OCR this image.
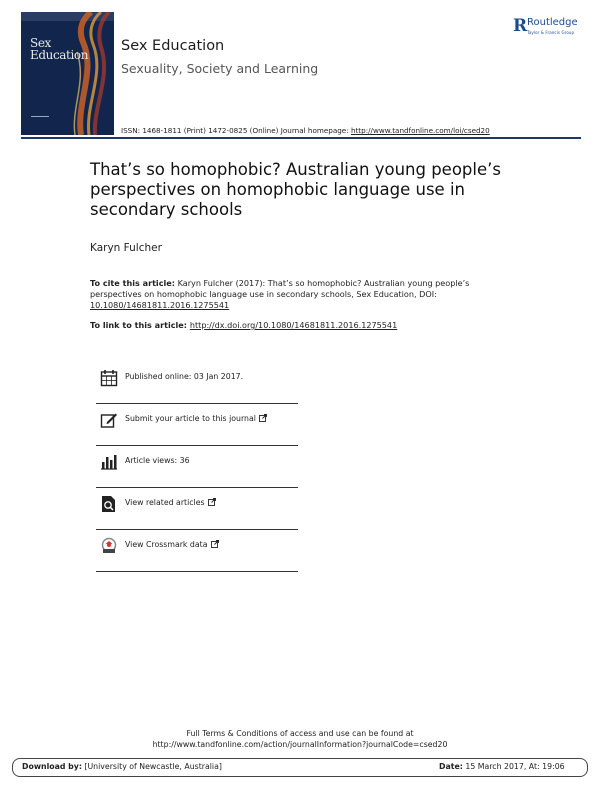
Sex
Education
Sex Education
Sexuality, Society and Learning
ISSN: 1468-1811 (Print) 1472-0825 (Online) Journal homepage: http://www.tandfonline.com/loi/csed20
R Routledge
Taylor & Francis Group
That’s so homophobic? Australian young people’s perspectives on homophobic language use in secondary schools
Karyn Fulcher
To cite this article: Karyn Fulcher (2017): That’s so homophobic? Australian young people’s perspectives on homophobic language use in secondary schools, Sex Education, DOI: 10.1080/14681811.2016.1275541
To link to this article: http://dx.doi.org/10.1080/14681811.2016.1275541
Published online: 03 Jan 2017.
Submit your article to this journal
Article views: 36
View related articles
View Crossmark data
Full Terms & Conditions of access and use can be found at
http://www.tandfonline.com/action/journalInformation?journalCode=csed20
Download by: [University of Newcastle, Australia]	Date: 15 March 2017, At: 19:06
